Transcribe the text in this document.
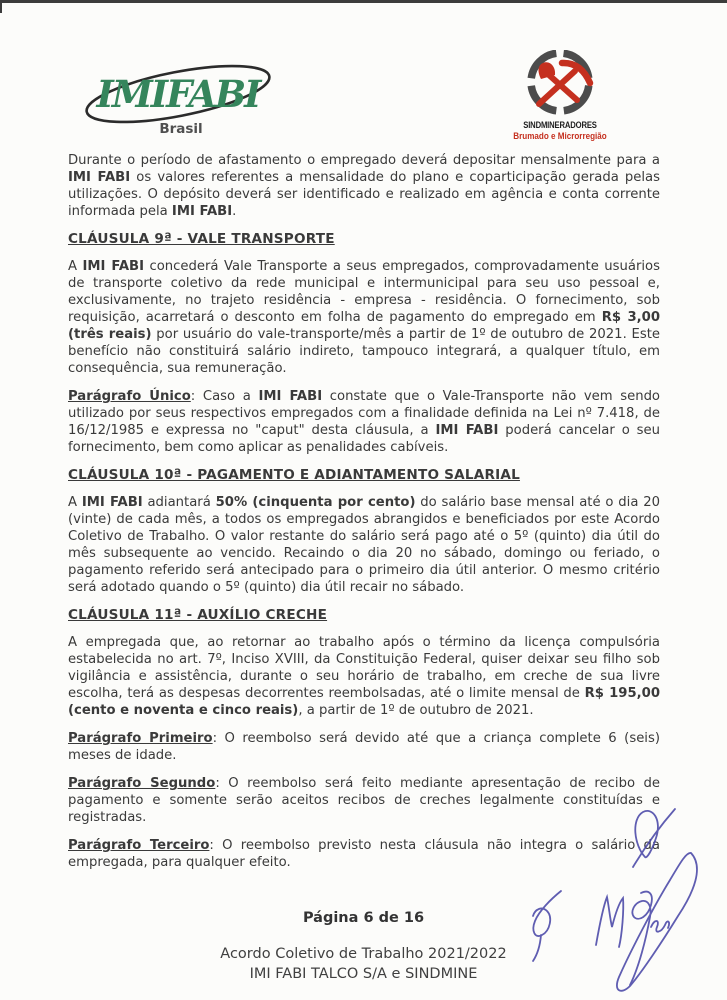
IMIFABI
Brasil	SINDMINERADORES
Brumado e Microrregião

Durante o período de afastamento o empregado deverá depositar mensalmente para a IMI FABI os valores referentes a mensalidade do plano e coparticipação gerada pelas utilizações. O depósito deverá ser identificado e realizado em agência e conta corrente informada pela IMI FABI.

CLÁUSULA 9ª - VALE TRANSPORTE

A IMI FABI concederá Vale Transporte a seus empregados, comprovadamente usuários de transporte coletivo da rede municipal e intermunicipal para seu uso pessoal e, exclusivamente, no trajeto residência - empresa - residência. O fornecimento, sob requisição, acarretará o desconto em folha de pagamento do empregado em R$ 3,00 (três reais) por usuário do vale-transporte/mês a partir de 1º de outubro de 2021. Este benefício não constituirá salário indireto, tampouco integrará, a qualquer título, em consequência, sua remuneração.

Parágrafo Único: Caso a IMI FABI constate que o Vale-Transporte não vem sendo utilizado por seus respectivos empregados com a finalidade definida na Lei nº 7.418, de 16/12/1985 e expressa no "caput" desta cláusula, a IMI FABI poderá cancelar o seu fornecimento, bem como aplicar as penalidades cabíveis.

CLÁUSULA 10ª - PAGAMENTO E ADIANTAMENTO SALARIAL

A IMI FABI adiantará 50% (cinquenta por cento) do salário base mensal até o dia 20 (vinte) de cada mês, a todos os empregados abrangidos e beneficiados por este Acordo Coletivo de Trabalho. O valor restante do salário será pago até o 5º (quinto) dia útil do mês subsequente ao vencido. Recaindo o dia 20 no sábado, domingo ou feriado, o pagamento referido será antecipado para o primeiro dia útil anterior. O mesmo critério será adotado quando o 5º (quinto) dia útil recair no sábado.

CLÁUSULA 11ª - AUXÍLIO CRECHE

A empregada que, ao retornar ao trabalho após o término da licença compulsória estabelecida no art. 7º, Inciso XVIII, da Constituição Federal, quiser deixar seu filho sob vigilância e assistência, durante o seu horário de trabalho, em creche de sua livre escolha, terá as despesas decorrentes reembolsadas, até o limite mensal de R$ 195,00 (cento e noventa e cinco reais), a partir de 1º de outubro de 2021.

Parágrafo Primeiro: O reembolso será devido até que a criança complete 6 (seis) meses de idade.

Parágrafo Segundo: O reembolso será feito mediante apresentação de recibo de pagamento e somente serão aceitos recibos de creches legalmente constituídas e registradas.

Parágrafo Terceiro: O reembolso previsto nesta cláusula não integra o salário da empregada, para qualquer efeito.

Página 6 de 16
Acordo Coletivo de Trabalho 2021/2022
IMI FABI TALCO S/A e SINDMINE
